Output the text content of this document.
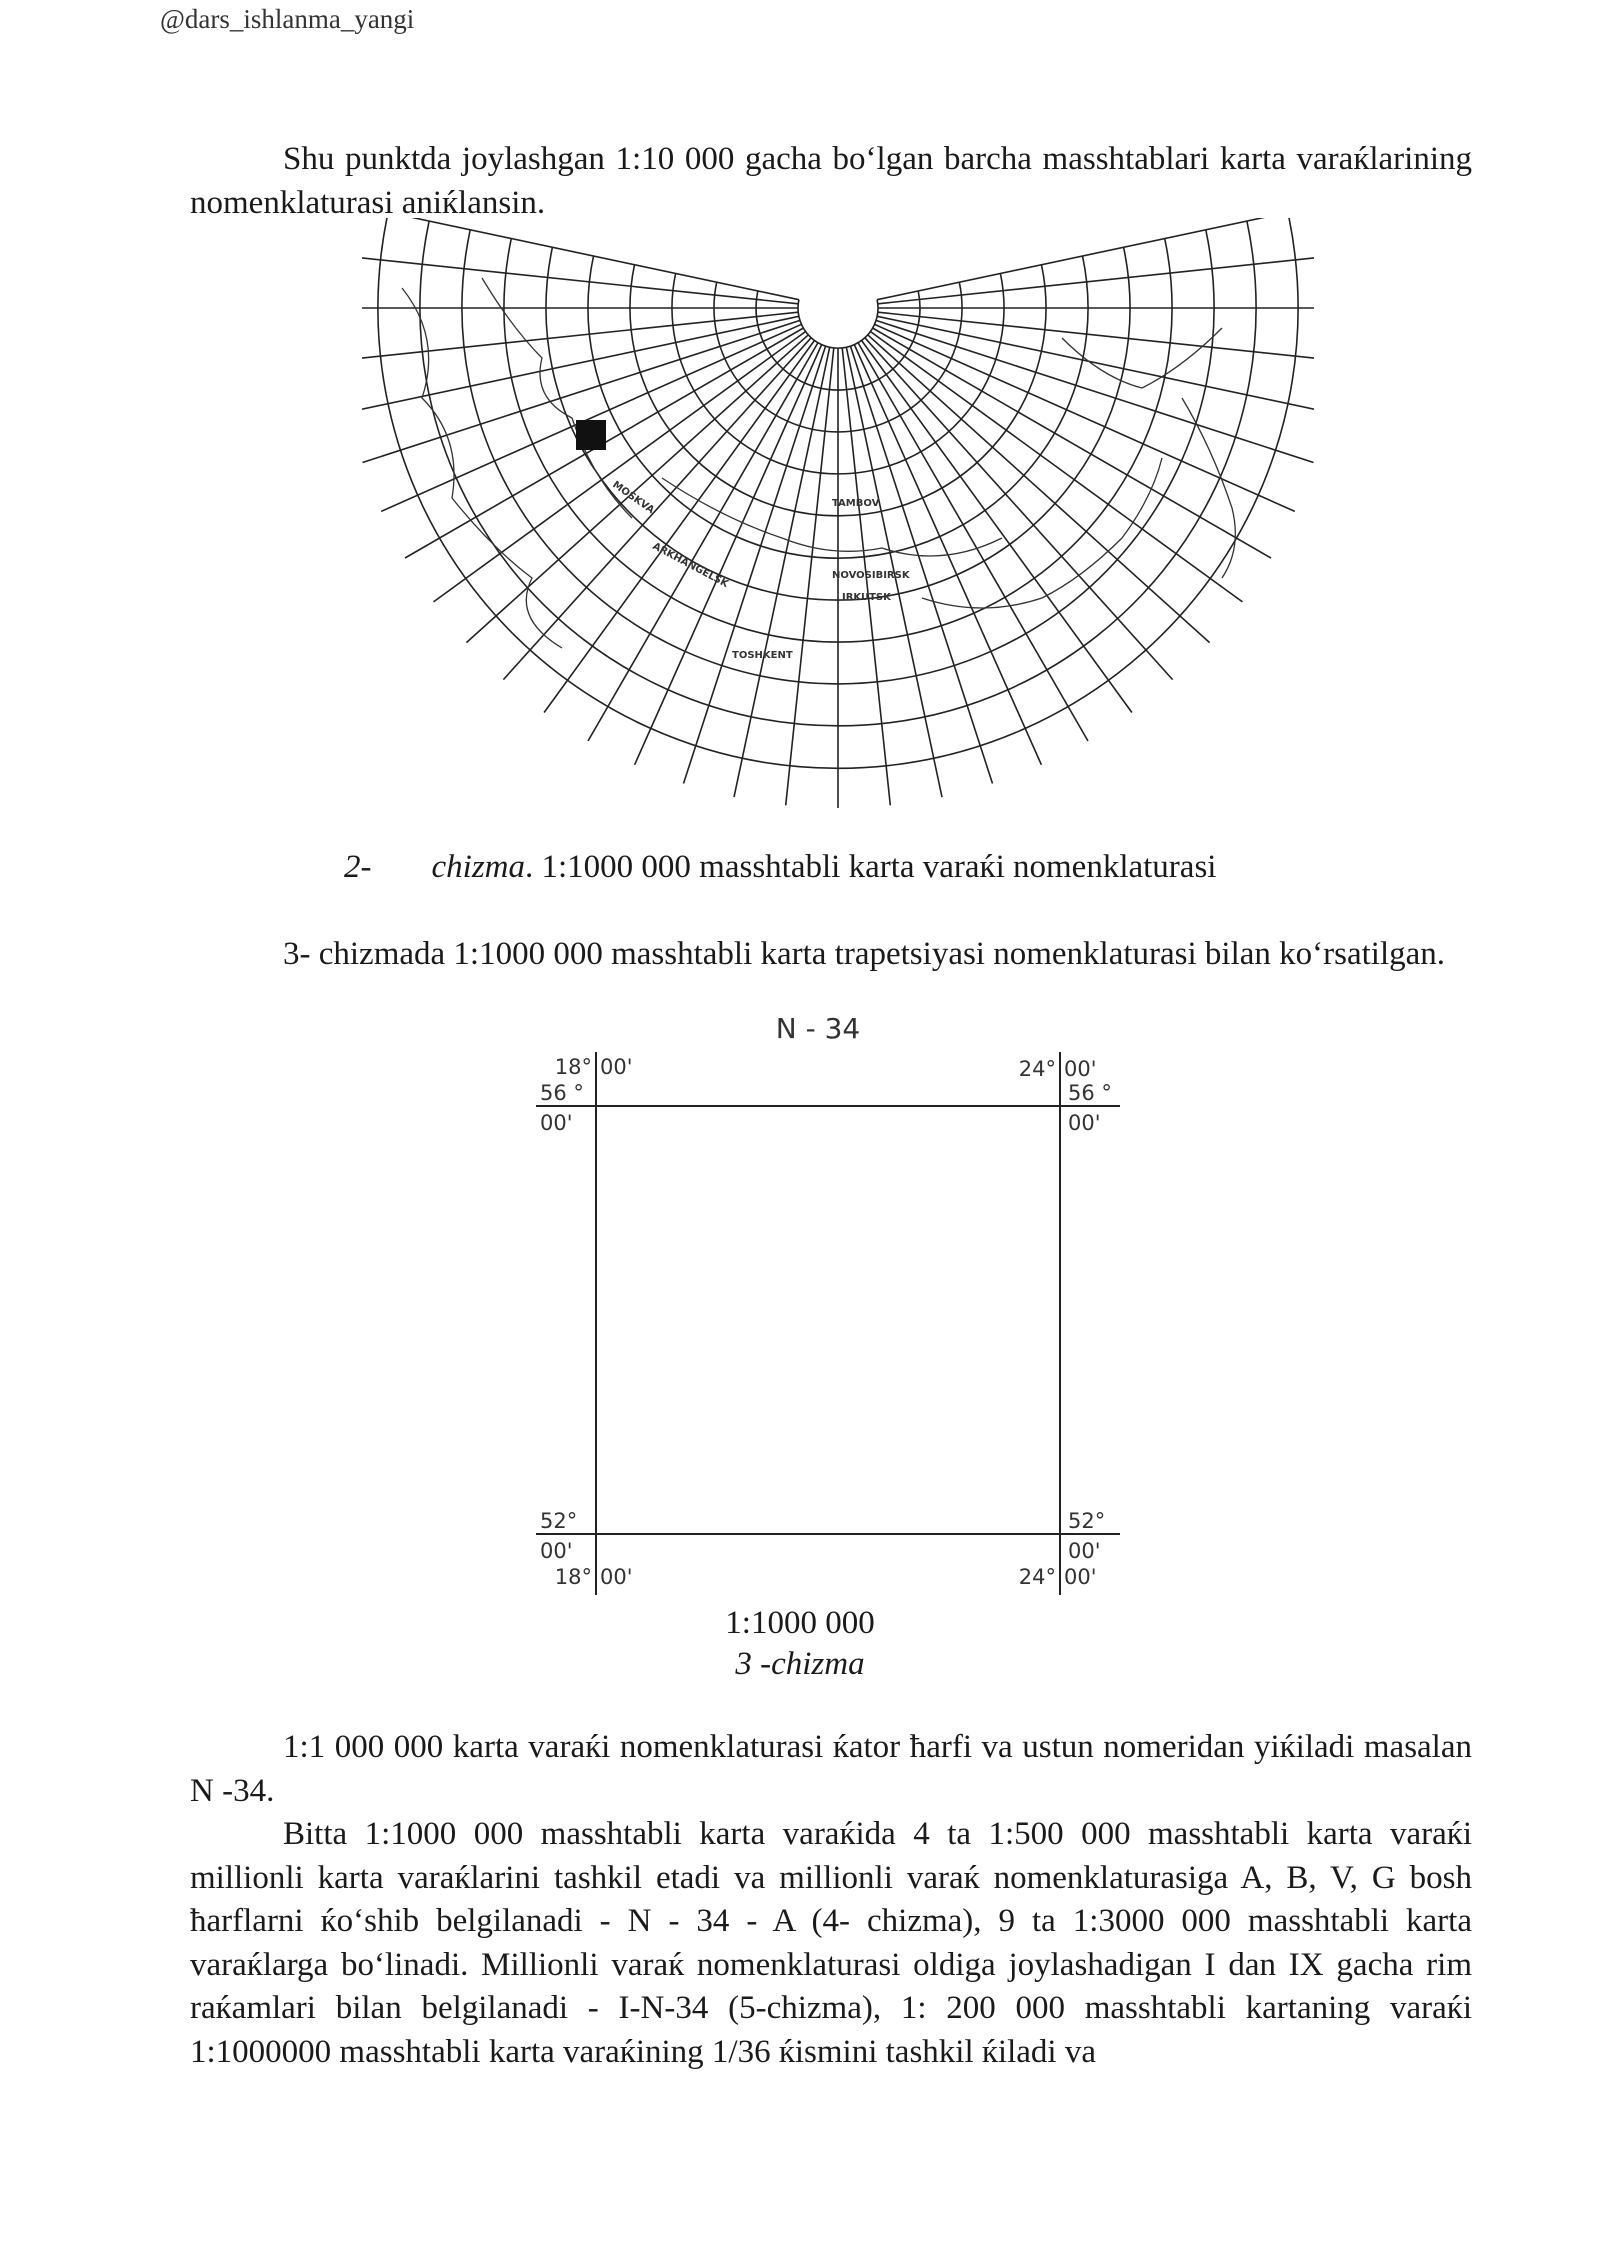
@dars_ishlanma_yangi

Shu punktda joylashgan 1:10 000 gacha boʻlgan barcha masshtablari karta varaќlarining nomenklaturasi aniќlansin.

MOSKVA
ARKHANGELSK
TOSHKENT
NOVOSIBIRSK
IRKUTSK
TAMBOV
2- chizma. 1:1000 000 masshtabli karta varaќi nomenklaturasi

3- chizmada 1:1000 000 masshtabli karta trapetsiyasi nomenklaturasi bilan koʻrsatilgan.

N - 34
18° 00'
56 °
00'
24° 00'
56 °
00'
52°
00'
18° 00'
52°
00'
24° 00'
1:1000 000
3 -chizma

1:1 000 000 karta varaќi nomenklaturasi ќator ћarfi va ustun nomeridan yiќiladi masalan N -34.

Bitta 1:1000 000 masshtabli karta varaќida 4 ta 1:500 000 masshtabli karta varaќi millionli karta varaќlarini tashkil etadi va millionli varaќ nomenklaturasiga A, B, V, G bosh ћarflarni ќoʻshib belgilanadi - N - 34 - A (4- chizma), 9 ta 1:3000 000 masshtabli karta varaќlarga boʻlinadi. Millionli varaќ nomenklaturasi oldiga joylashadigan I dan IX gacha rim raќamlari bilan belgilanadi - I-N-34 (5-chizma), 1: 200 000 masshtabli kartaning varaќi 1:1000000 masshtabli karta varaќining 1/36 ќismini tashkil ќiladi va
